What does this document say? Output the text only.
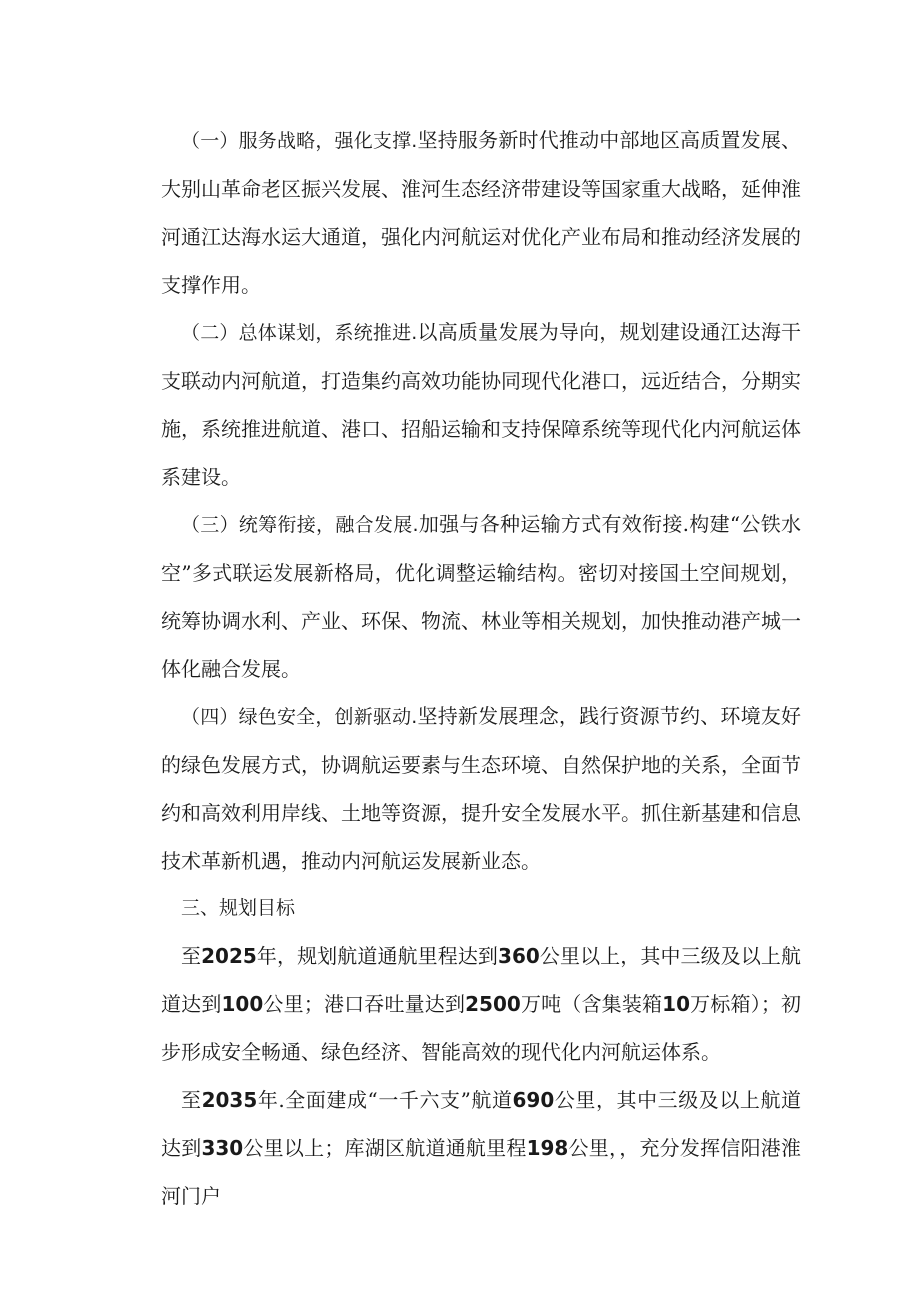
（一）服务战略，强化支撑.坚持服务新时代推动中部地区高质置发展、大别山革命老区振兴发展、淮河生态经济带建设等国家重大战略，延伸淮河通江达海水运大通道，强化内河航运对优化产业布局和推动经济发展的支撑作用。

（二）总体谋划，系统推进.以高质量发展为导向，规划建设通江达海干支联动内河航道，打造集约高效功能协同现代化港口，远近结合，分期实施，系统推进航道、港口、招船运输和支持保障系统等现代化内河航运体系建设。

（三）统筹衔接，融合发展.加强与各种运输方式有效衔接.构建“公铁水空”多式联运发展新格局，优化调整运输结构。密切对接国土空间规划，统筹协调水利、产业、环保、物流、林业等相关规划，加快推动港产城一体化融合发展。

（四）绿色安全，创新驱动.坚持新发展理念，践行资源节约、环境友好的绿色发展方式，协调航运要素与生态环境、自然保护地的关系，全面节约和高效利用岸线、土地等资源，提升安全发展水平。抓住新基建和信息技术革新机遇，推动内河航运发展新业态。

三、规划目标

至2025年，规划航道通航里程达到360公里以上，其中三级及以上航道达到100公里；港口吞吐量达到2500万吨（含集装箱10万标箱）；初步形成安全畅通、绿色经济、智能高效的现代化内河航运体系。

至2035年.全面建成“一千六支”航道690公里，其中三级及以上航道达到330公里以上；库湖区航道通航里程198公里，，充分发挥信阳港淮河门户
